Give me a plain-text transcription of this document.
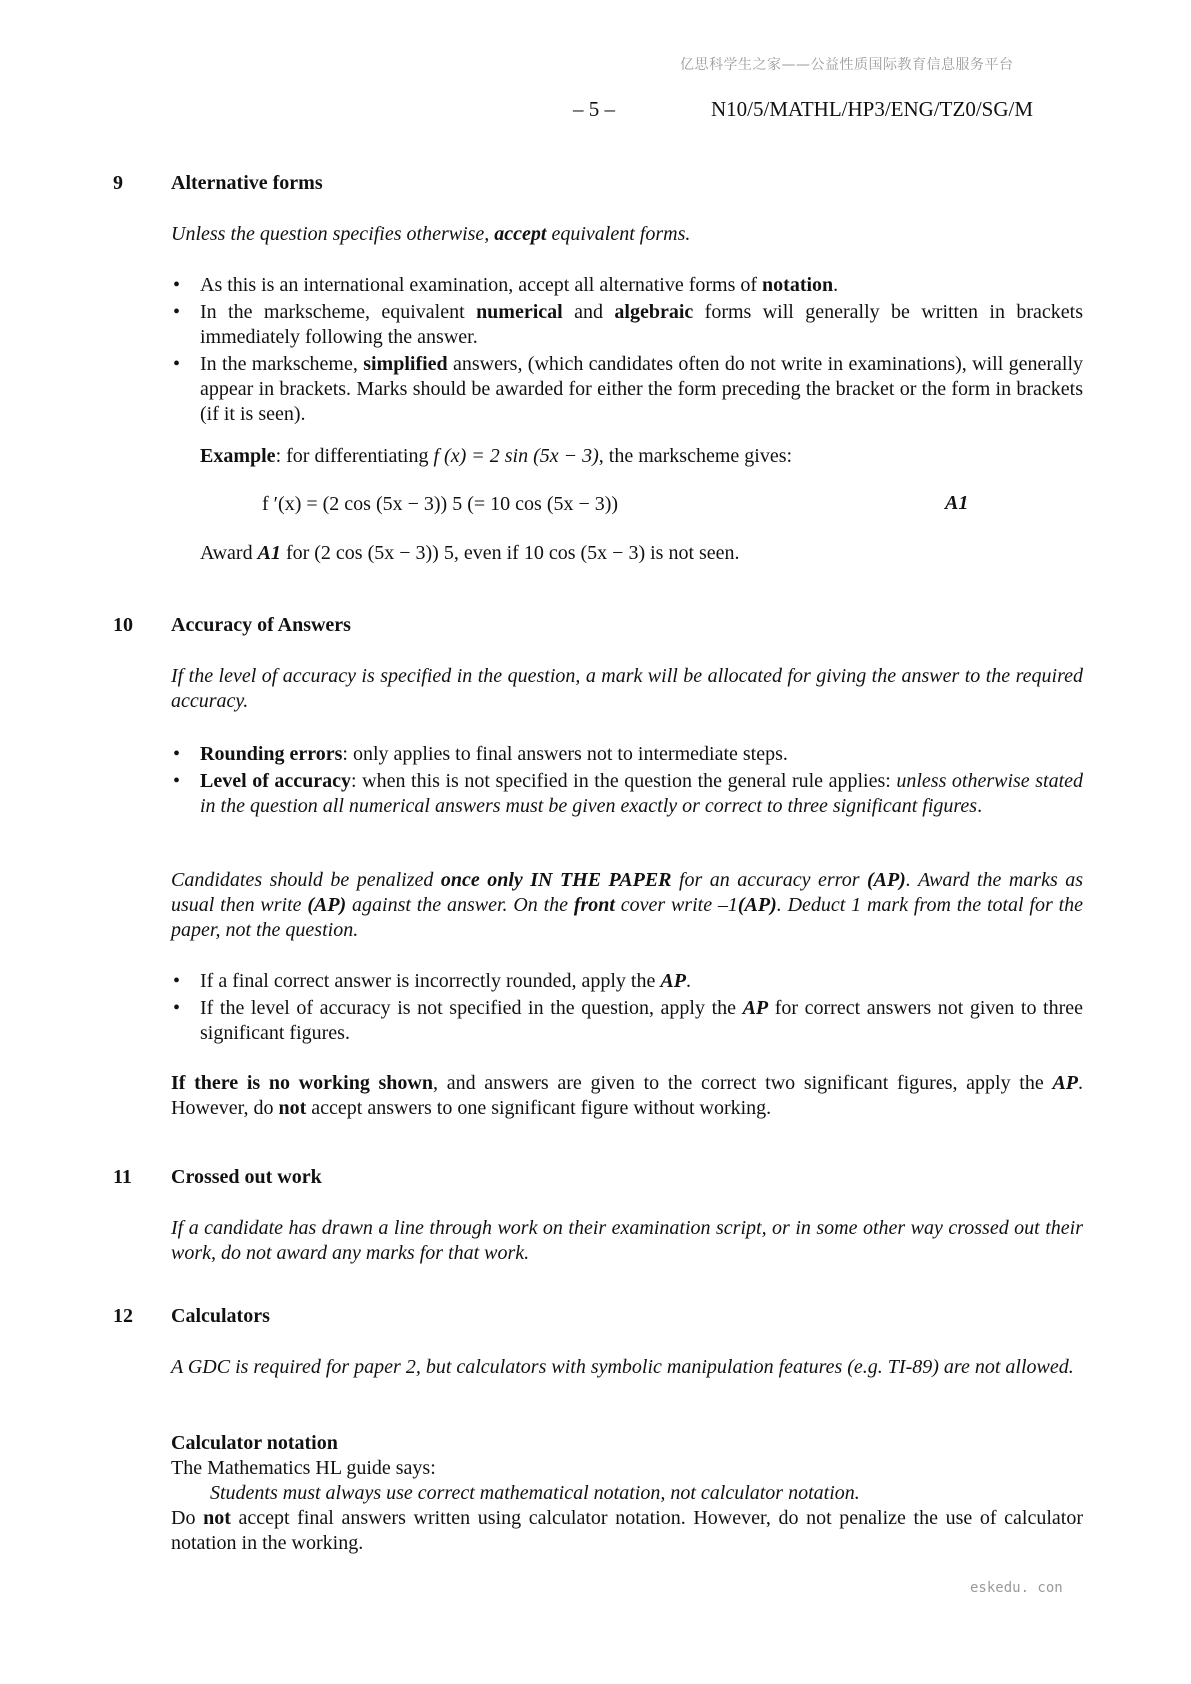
亿思科学生之家——公益性质国际教育信息服务平台
– 5 –	N10/5/MATHL/HP3/ENG/TZ0/SG/M
9 Alternative forms
Unless the question specifies otherwise, accept equivalent forms.
• As this is an international examination, accept all alternative forms of notation.
• In the markscheme, equivalent numerical and algebraic forms will generally be written in brackets immediately following the answer.
• In the markscheme, simplified answers, (which candidates often do not write in examinations), will generally appear in brackets. Marks should be awarded for either the form preceding the bracket or the form in brackets (if it is seen).
Example: for differentiating f (x) = 2 sin (5x − 3), the markscheme gives:
f ′(x) = (2 cos (5x − 3)) 5 (= 10 cos (5x − 3))	A1
Award A1 for (2 cos (5x − 3)) 5, even if 10 cos (5x − 3) is not seen.
10 Accuracy of Answers
If the level of accuracy is specified in the question, a mark will be allocated for giving the answer to the required accuracy.
• Rounding errors: only applies to final answers not to intermediate steps.
• Level of accuracy: when this is not specified in the question the general rule applies: unless otherwise stated in the question all numerical answers must be given exactly or correct to three significant figures.
Candidates should be penalized once only IN THE PAPER for an accuracy error (AP). Award the marks as usual then write (AP) against the answer. On the front cover write –1(AP). Deduct 1 mark from the total for the paper, not the question.
• If a final correct answer is incorrectly rounded, apply the AP.
• If the level of accuracy is not specified in the question, apply the AP for correct answers not given to three significant figures.
If there is no working shown, and answers are given to the correct two significant figures, apply the AP. However, do not accept answers to one significant figure without working.
11 Crossed out work
If a candidate has drawn a line through work on their examination script, or in some other way crossed out their work, do not award any marks for that work.
12 Calculators
A GDC is required for paper 2, but calculators with symbolic manipulation features (e.g. TI-89) are not allowed.
Calculator notation
The Mathematics HL guide says:
Students must always use correct mathematical notation, not calculator notation.
Do not accept final answers written using calculator notation. However, do not penalize the use of calculator notation in the working.
eskedu. con
